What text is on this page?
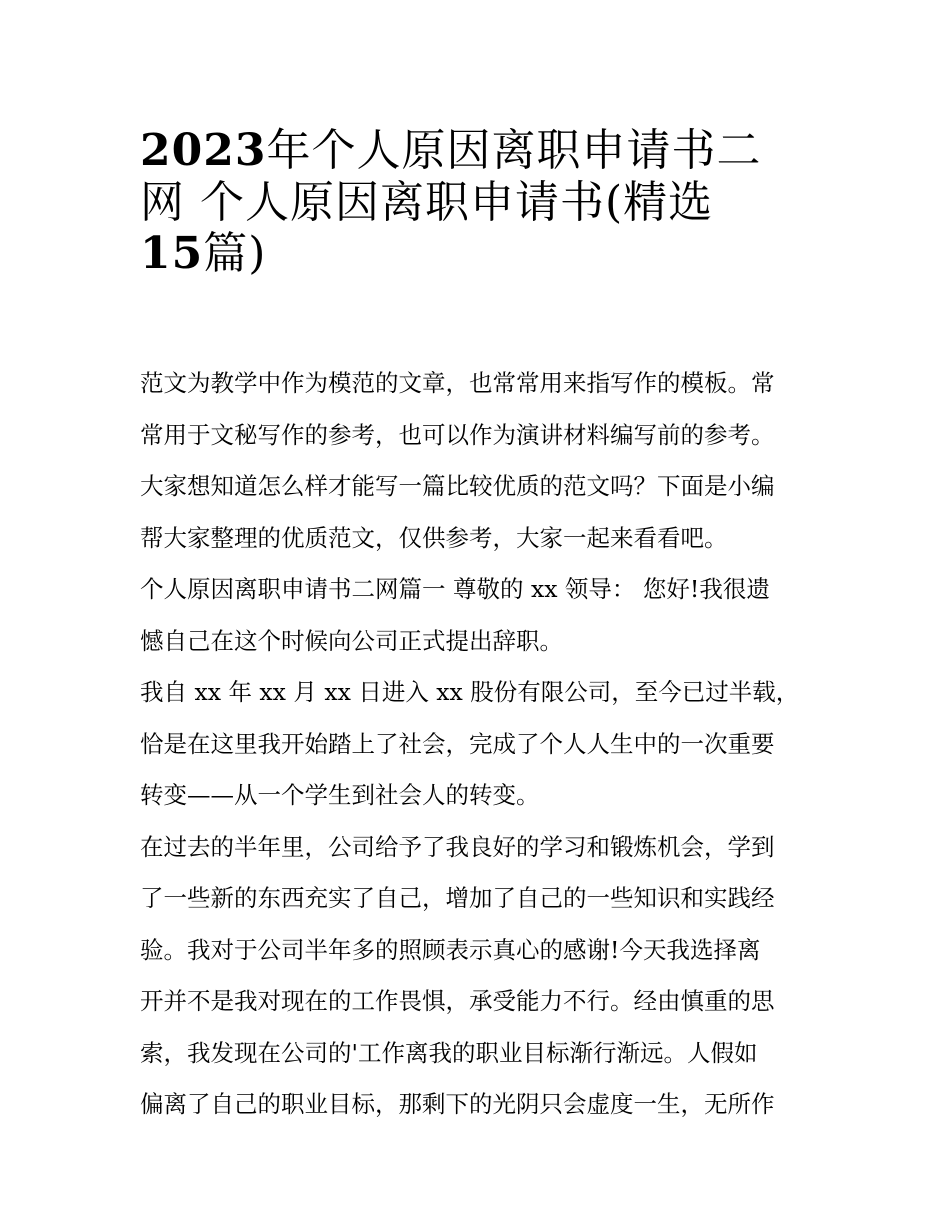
2023年个人原因离职申请书二
网 个人原因离职申请书(精选
15篇)
范文为教学中作为模范的文章，也常常用来指写作的模板。常
常用于文秘写作的参考，也可以作为演讲材料编写前的参考。
大家想知道怎么样才能写一篇比较优质的范文吗？下面是小编
帮大家整理的优质范文，仅供参考，大家一起来看看吧。
个人原因离职申请书二网篇一 尊敬的 xx 领导： 您好!我很遗
憾自己在这个时候向公司正式提出辞职。
我自 xx 年 xx 月 xx 日进入 xx 股份有限公司，至今已过半载，
恰是在这里我开始踏上了社会，完成了个人人生中的一次重要
转变——从一个学生到社会人的转变。
在过去的半年里，公司给予了我良好的学习和锻炼机会，学到
了一些新的东西充实了自己，增加了自己的一些知识和实践经
验。我对于公司半年多的照顾表示真心的感谢!今天我选择离
开并不是我对现在的工作畏惧，承受能力不行。经由慎重的思
索，我发现在公司的'工作离我的职业目标渐行渐远。人假如
偏离了自己的职业目标，那剩下的光阴只会虚度一生，无所作
